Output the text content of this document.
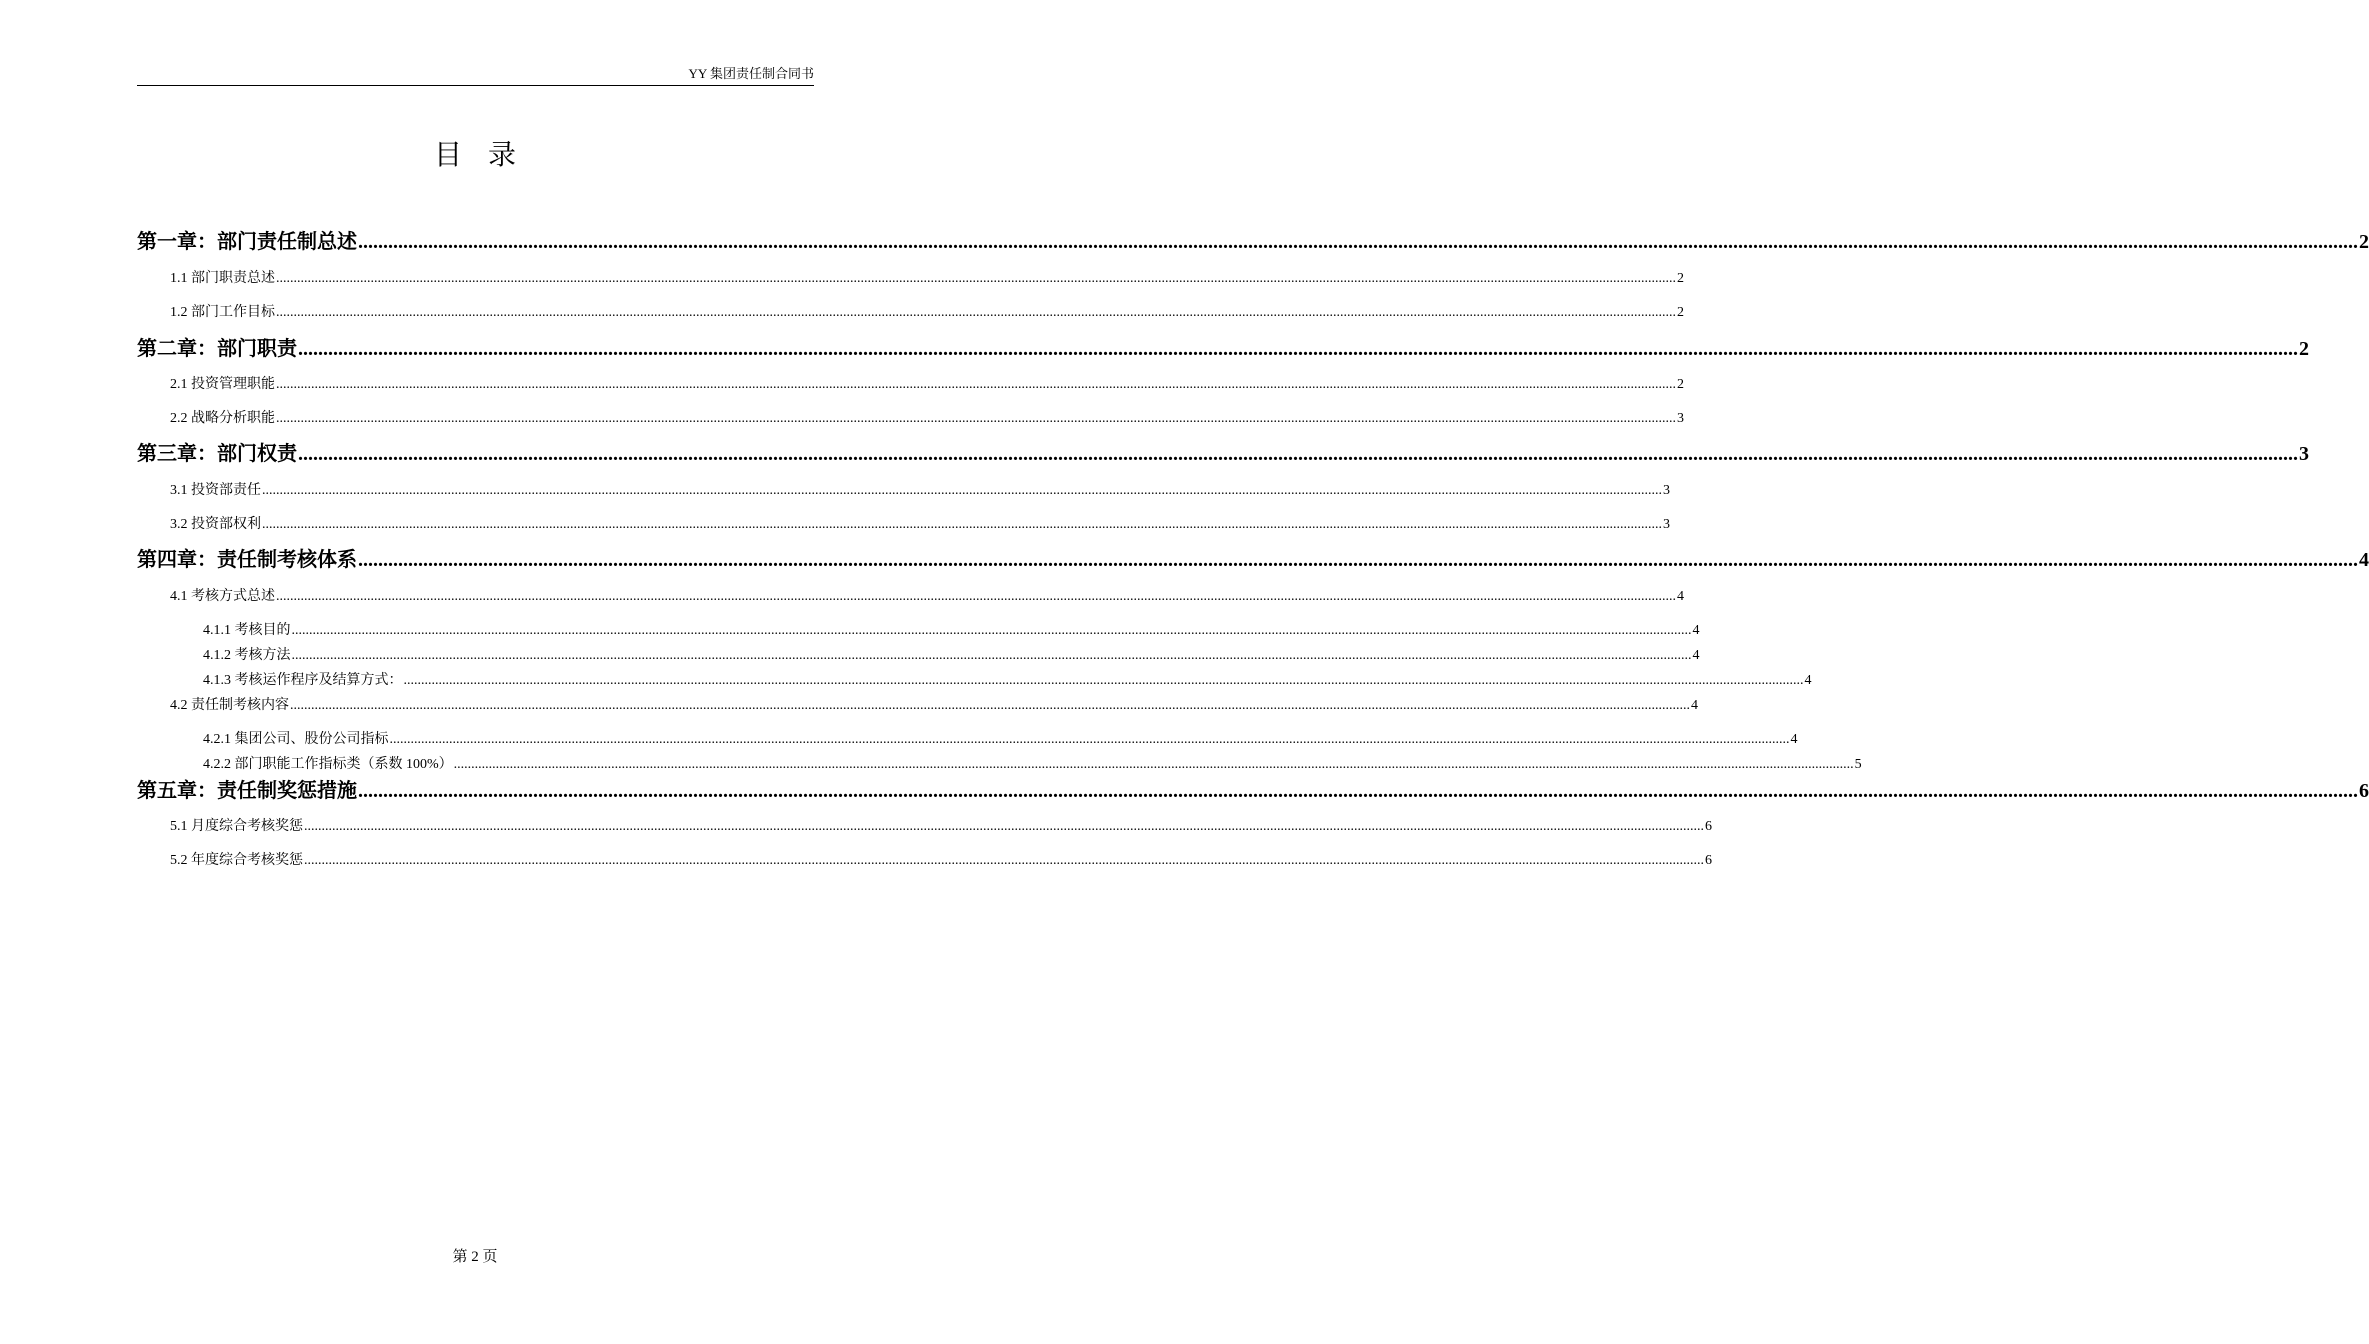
YY 集团责任制合同书
目录
第一章：部门责任制总述 ................................................................................................................................................................................................................................................................................................................................................................................................................ 2
1.1 部门职责总述 ................................................................................................................................................................................................................................................................................................................................................................................................................ 2
1.2 部门工作目标 ................................................................................................................................................................................................................................................................................................................................................................................................................ 2
第二章：部门职责 ................................................................................................................................................................................................................................................................................................................................................................................................................ 2
2.1 投资管理职能 ................................................................................................................................................................................................................................................................................................................................................................................................................ 2
2.2 战略分析职能 ................................................................................................................................................................................................................................................................................................................................................................................................................ 3
第三章：部门权责 ................................................................................................................................................................................................................................................................................................................................................................................................................ 3
3.1 投资部责任 ................................................................................................................................................................................................................................................................................................................................................................................................................ 3
3.2 投资部权利 ................................................................................................................................................................................................................................................................................................................................................................................................................ 3
第四章：责任制考核体系 ................................................................................................................................................................................................................................................................................................................................................................................................................ 4
4.1 考核方式总述 ................................................................................................................................................................................................................................................................................................................................................................................................................ 4
4.1.1 考核目的 ................................................................................................................................................................................................................................................................................................................................................................................................................ 4
4.1.2 考核方法 ................................................................................................................................................................................................................................................................................................................................................................................................................ 4
4.1.3 考核运作程序及结算方式： ................................................................................................................................................................................................................................................................................................................................................................................................................ 4
4.2 责任制考核内容 ................................................................................................................................................................................................................................................................................................................................................................................................................ 4
4.2.1 集团公司、股份公司指标 ................................................................................................................................................................................................................................................................................................................................................................................................................ 4
4.2.2 部门职能工作指标类（系数 100%） ................................................................................................................................................................................................................................................................................................................................................................................................................ 5
第五章：责任制奖惩措施 ................................................................................................................................................................................................................................................................................................................................................................................................................ 6
5.1 月度综合考核奖惩 ................................................................................................................................................................................................................................................................................................................................................................................................................ 6
5.2 年度综合考核奖惩 ................................................................................................................................................................................................................................................................................................................................................................................................................ 6
第 2 页
